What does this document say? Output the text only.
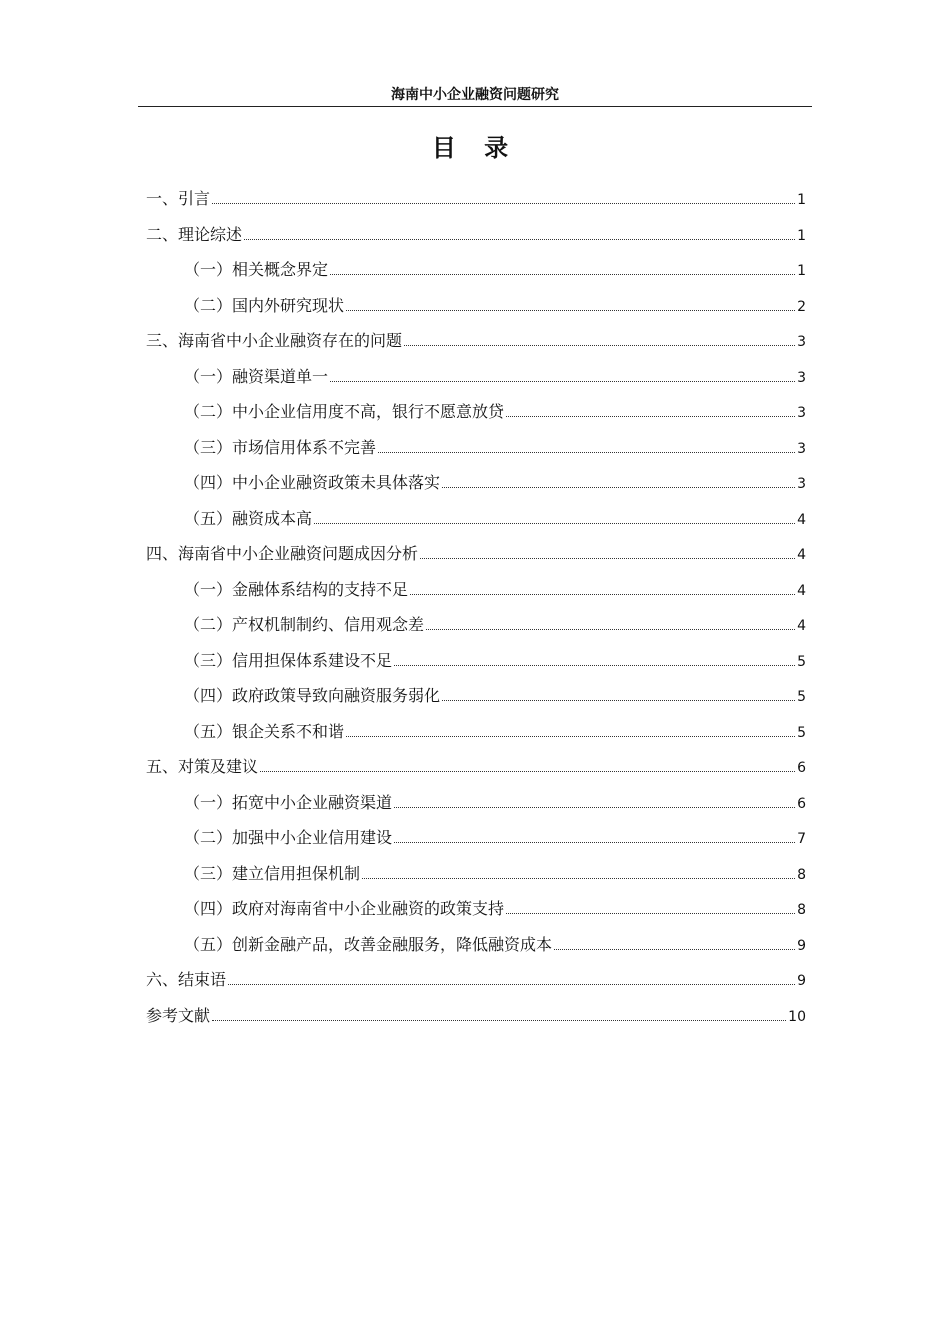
海南中小企业融资问题研究
目 录
一、引言	1
二、理论综述	1
（一）相关概念界定	1
（二）国内外研究现状	2
三、海南省中小企业融资存在的问题	3
（一）融资渠道单一	3
（二）中小企业信用度不高，银行不愿意放贷	3
（三）市场信用体系不完善	3
（四）中小企业融资政策未具体落实	3
（五）融资成本高	4
四、海南省中小企业融资问题成因分析	4
（一）金融体系结构的支持不足	4
（二）产权机制制约、信用观念差	4
（三）信用担保体系建设不足	5
（四）政府政策导致向融资服务弱化	5
（五）银企关系不和谐	5
五、对策及建议	6
（一）拓宽中小企业融资渠道	6
（二）加强中小企业信用建设	7
（三）建立信用担保机制	8
（四）政府对海南省中小企业融资的政策支持	8
（五）创新金融产品，改善金融服务，降低融资成本	9
六、结束语	9
参考文献	10
